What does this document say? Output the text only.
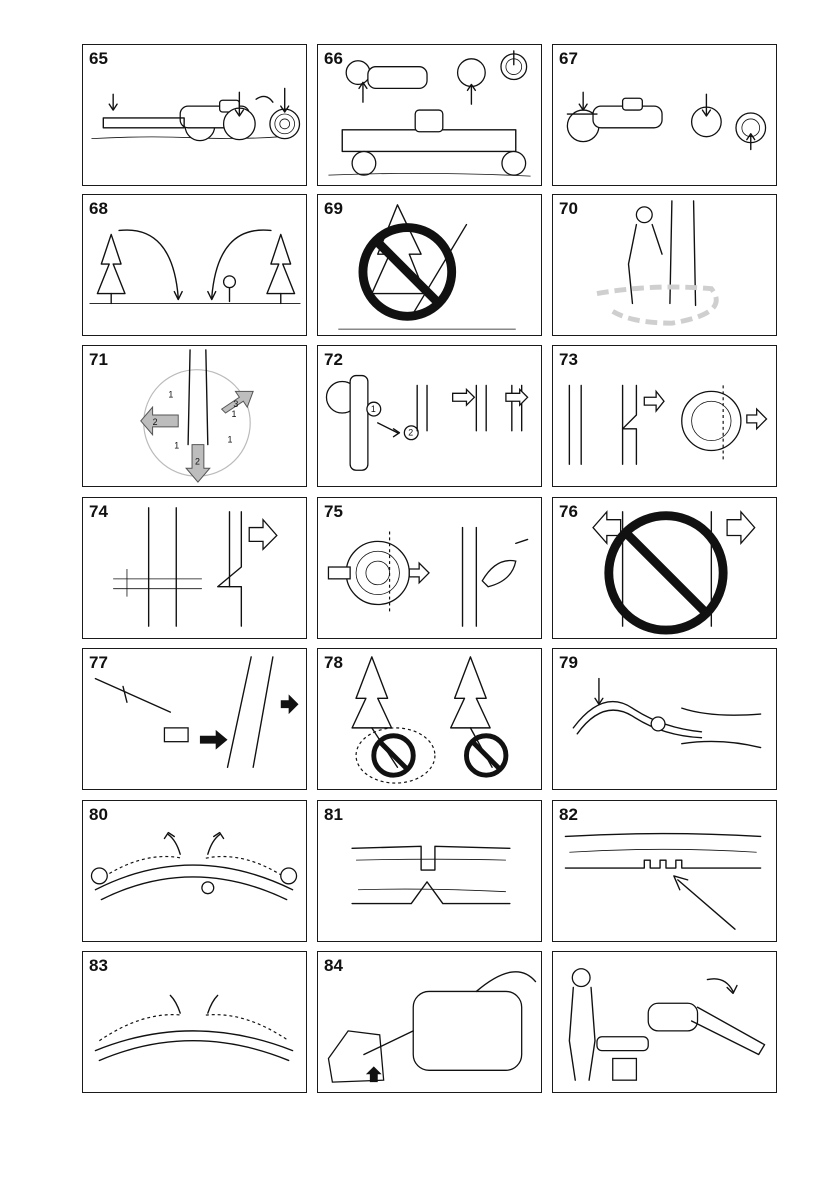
65	66	67
68	69	70
71
1
1
1
1
2
2
3
72
1
2
73
74	75	76
77	78	79
80	81	82
83	84
